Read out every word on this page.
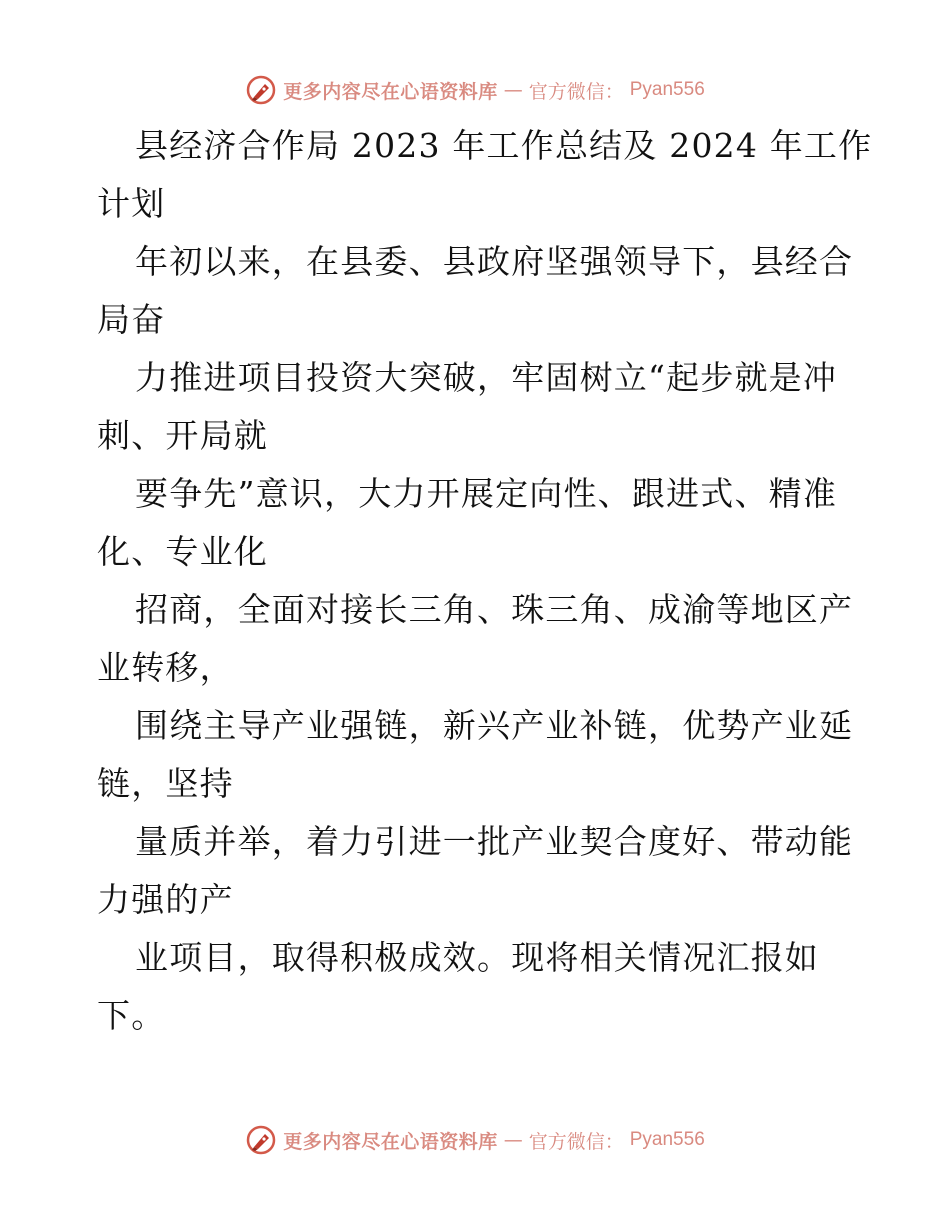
更多内容尽在心语资料库 — 官方微信： Pyan556
县经济合作局 2023 年工作总结及 2024 年工作
计划
年初以来，在县委、县政府坚强领导下，县经合
局奋
力推进项目投资大突破，牢固树立“起步就是冲
刺、开局就
要争先”意识，大力开展定向性、跟进式、精准
化、专业化
招商，全面对接长三角、珠三角、成渝等地区产
业转移，
围绕主导产业强链，新兴产业补链，优势产业延
链，坚持
量质并举，着力引进一批产业契合度好、带动能
力强的产
业项目，取得积极成效。现将相关情况汇报如
下。
更多内容尽在心语资料库 — 官方微信： Pyan556
